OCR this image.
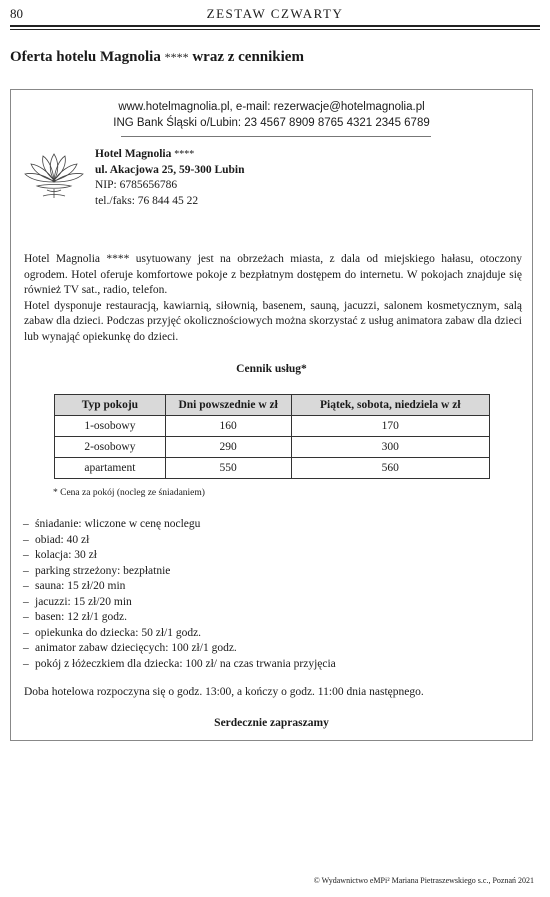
80	ZESTAW CZWARTY
Oferta hotelu Magnolia **** wraz z cennikiem
www.hotelmagnolia.pl, e-mail: rezerwacje@hotelmagnolia.pl
ING Bank Śląski o/Lubin: 23 4567 8909 8765 4321 2345 6789
Hotel Magnolia ****
ul. Akacjowa 25, 59-300 Lubin
NIP: 6785656786
tel./faks: 76 844 45 22

Hotel Magnolia **** usytuowany jest na obrzeżach miasta, z dala od miejskiego hałasu, otoczony ogrodem. Hotel oferuje komfortowe pokoje z bezpłatnym dostępem do internetu. W pokojach znajduje się również TV sat., radio, telefon.

Hotel dysponuje restauracją, kawiarnią, siłownią, basenem, sauną, jacuzzi, salonem kosmetycznym, salą zabaw dla dzieci. Podczas przyjęć okolicznościowych można skorzystać z usług animatora zabaw dla dzieci lub wynająć opiekunkę do dzieci.

Cennik usług*
Typ pokoju	Dni powszednie w zł	Piątek, sobota, niedziela w zł
1-osobowy	160	170
2-osobowy	290	300
apartament	550	560
* Cena za pokój (nocleg ze śniadaniem)
– śniadanie: wliczone w cenę noclegu
– obiad: 40 zł
– kolacja: 30 zł
– parking strzeżony: bezpłatnie
– sauna: 15 zł/20 min
– jacuzzi: 15 zł/20 min
– basen: 12 zł/1 godz.
– opiekunka do dziecka: 50 zł/1 godz.
– animator zabaw dziecięcych: 100 zł/1 godz.
– pokój z łóżeczkiem dla dziecka: 100 zł/ na czas trwania przyjęcia
Doba hotelowa rozpoczyna się o godz. 13:00, a kończy o godz. 11:00 dnia następnego.
Serdecznie zapraszamy
© Wydawnictwo eMPi² Mariana Pietraszewskiego s.c., Poznań 2021
